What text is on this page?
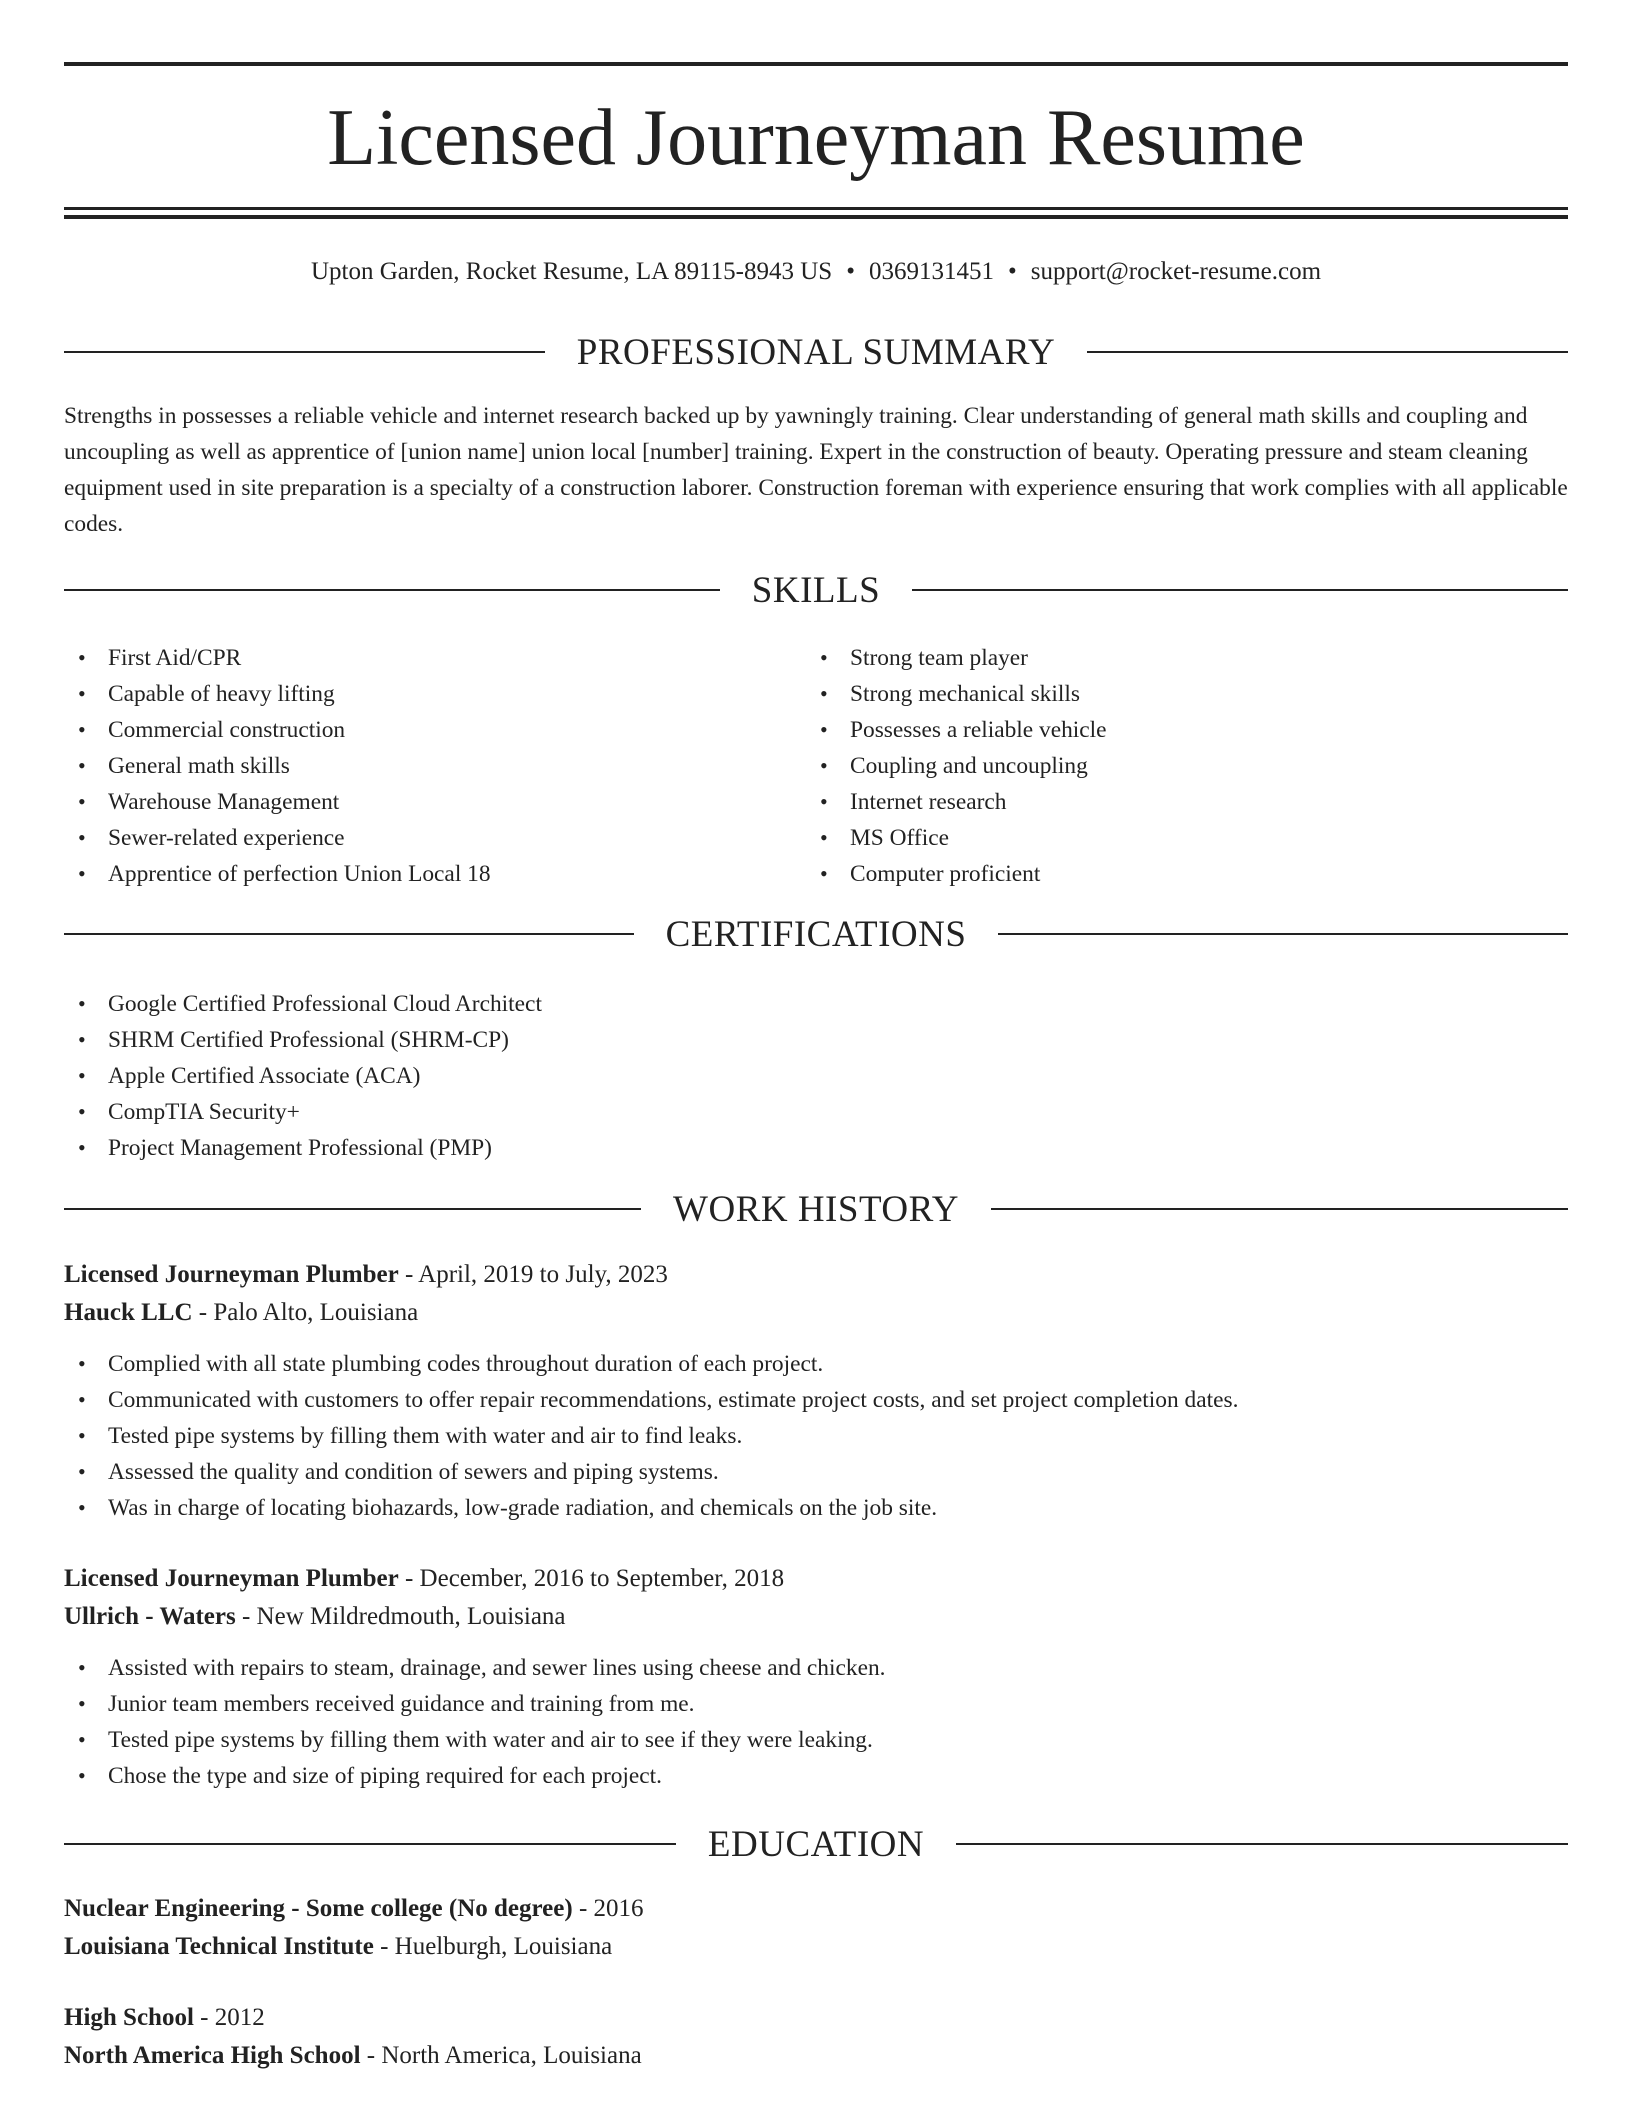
Licensed Journeyman Resume
Upton Garden, Rocket Resume, LA 89115-8943 US • 0369131451 • support@rocket-resume.com
PROFESSIONAL SUMMARY

Strengths in possesses a reliable vehicle and internet research backed up by yawningly training. Clear understanding of general math skills and coupling and uncoupling as well as apprentice of [union name] union local [number] training. Expert in the construction of beauty. Operating pressure and steam cleaning equipment used in site preparation is a specialty of a construction laborer. Construction foreman with experience ensuring that work complies with all applicable codes.

SKILLS
• First Aid/CPR
• Capable of heavy lifting
• Commercial construction
• General math skills
• Warehouse Management
• Sewer-related experience
• Apprentice of perfection Union Local 18
• Strong team player
• Strong mechanical skills
• Possesses a reliable vehicle
• Coupling and uncoupling
• Internet research
• MS Office
• Computer proficient
CERTIFICATIONS
• Google Certified Professional Cloud Architect
• SHRM Certified Professional (SHRM-CP)
• Apple Certified Associate (ACA)
• CompTIA Security+
• Project Management Professional (PMP)
WORK HISTORY
Licensed Journeyman Plumber - April, 2019 to July, 2023
Hauck LLC - Palo Alto, Louisiana
• Complied with all state plumbing codes throughout duration of each project.
• Communicated with customers to offer repair recommendations, estimate project costs, and set project completion dates.
• Tested pipe systems by filling them with water and air to find leaks.
• Assessed the quality and condition of sewers and piping systems.
• Was in charge of locating biohazards, low-grade radiation, and chemicals on the job site.
Licensed Journeyman Plumber - December, 2016 to September, 2018
Ullrich - Waters - New Mildredmouth, Louisiana
• Assisted with repairs to steam, drainage, and sewer lines using cheese and chicken.
• Junior team members received guidance and training from me.
• Tested pipe systems by filling them with water and air to see if they were leaking.
• Chose the type and size of piping required for each project.
EDUCATION
Nuclear Engineering - Some college (No degree) - 2016
Louisiana Technical Institute - Huelburgh, Louisiana
High School - 2012
North America High School - North America, Louisiana
